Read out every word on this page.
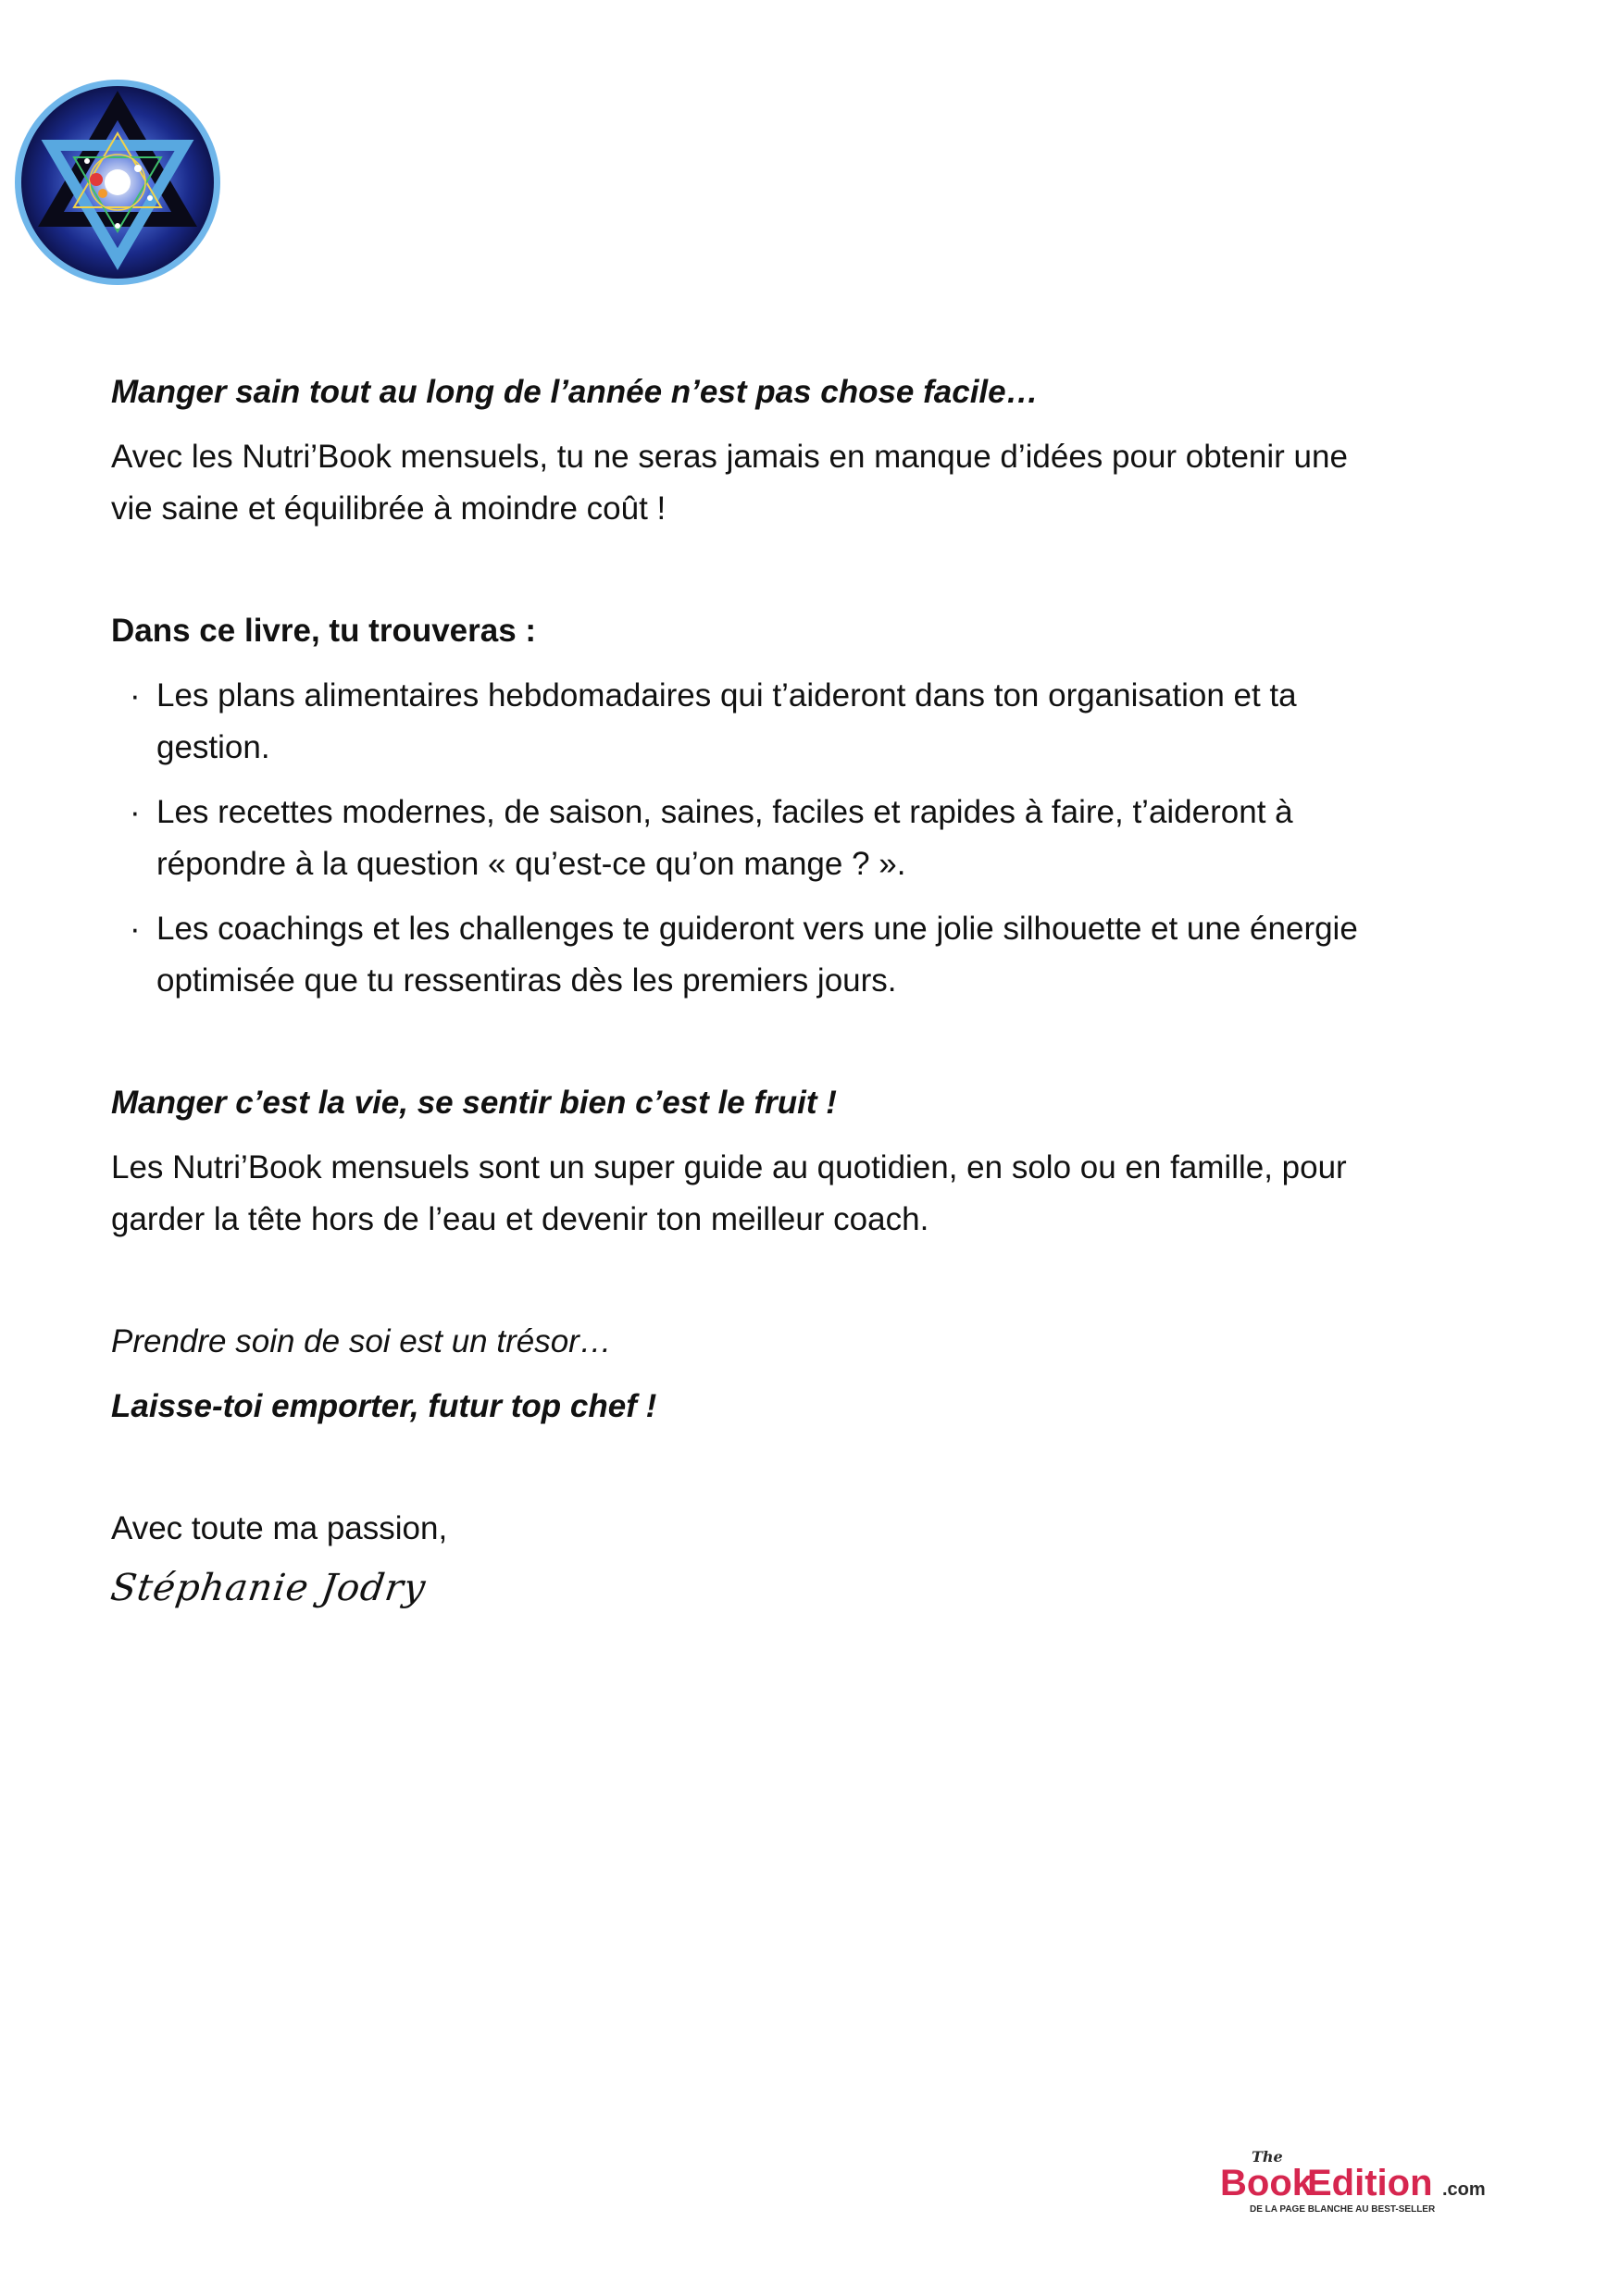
Manger sain tout au long de l’année n’est pas chose facile…

Avec les Nutri’Book mensuels, tu ne seras jamais en manque d’idées pour obtenir une vie saine et équilibrée à moindre coût !

Dans ce livre, tu trouveras :

· Les plans alimentaires hebdomadaires qui t’aideront dans ton organisation et ta gestion.
· Les recettes modernes, de saison, saines, faciles et rapides à faire, t’aideront à répondre à la question « qu’est-ce qu’on mange ? ».
· Les coachings et les challenges te guideront vers une jolie silhouette et une énergie optimisée que tu ressentiras dès les premiers jours.

Manger c’est la vie, se sentir bien c’est le fruit !

Les Nutri’Book mensuels sont un super guide au quotidien, en solo ou en famille, pour garder la tête hors de l’eau et devenir ton meilleur coach.

Prendre soin de soi est un trésor…

Laisse-toi emporter, futur top chef !

Avec toute ma passion,

Stéphanie Jodry
The
Book
Edition .com
DE LA PAGE BLANCHE AU BEST-SELLER
